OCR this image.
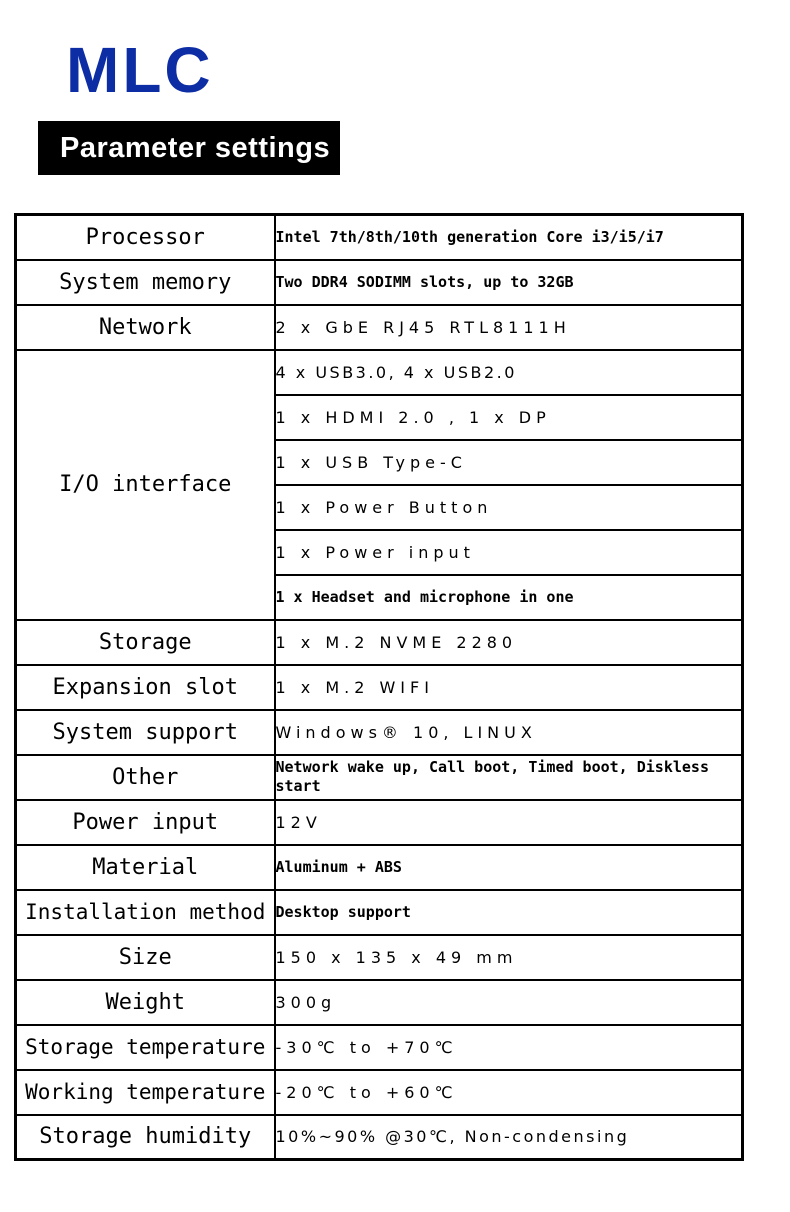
MLC
Parameter settings
Processor	Intel 7th/8th/10th generation Core i3/i5/i7
System memory	Two DDR4 SODIMM slots, up to 32GB
Network	2 x GbE RJ45 RTL8111H
I/O interface	4 x USB3.0, 4 x USB2.0
	1 x HDMI 2.0 , 1 x DP
	1 x USB Type-C
	1 x Power Button
	1 x Power input
	1 x Headset and microphone in one
Storage	1 x M.2 NVME 2280
Expansion slot	1 x M.2 WIFI
System support	Windows® 10, LINUX
Other	Network wake up, Call boot, Timed boot, Diskless start
Power input	12V
Material	Aluminum + ABS
Installation method	Desktop support
Size	150 x 135 x 49 mm
Weight	300g
Storage temperature	-30℃ to +70℃
Working temperature	-20℃ to +60℃
Storage humidity	10%~90% @30℃, Non-condensing
